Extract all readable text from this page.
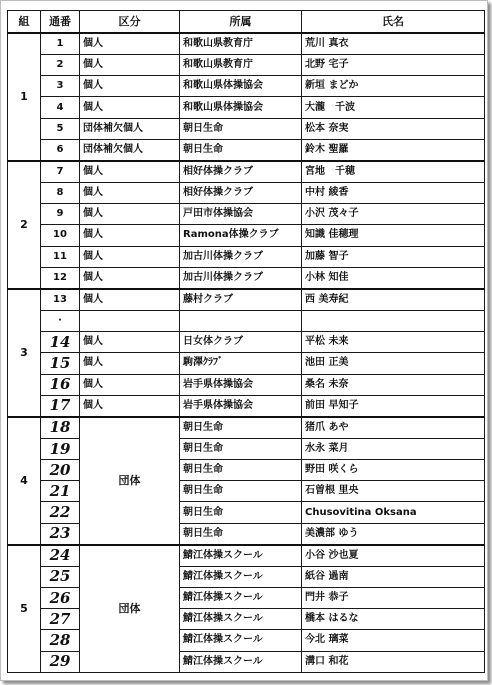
組	通番	区分	所属	氏名
1	1	個人	和歌山県教育庁	荒川 真衣
	2	個人	和歌山県教育庁	北野 宅子
	3	個人	和歌山県体操協会	新垣 まどか
	4	個人	和歌山県体操協会	大瀧　千波
	5	団体補欠個人	朝日生命	松本 奈実
	6	団体補欠個人	朝日生命	鈴木 聖羅
2	7	個人	相好体操クラブ	宮地　千穂
	8	個人	相好体操クラブ	中村 綾香
	9	個人	戸田市体操協会	小沢 茂々子
	10	個人	Ramona体操クラブ	知識 佳穂理
	11	個人	加古川体操クラブ	加藤 智子
	12	個人	加古川体操クラブ	小林 知佳
3	13	個人	藤村クラブ	西 美寿紀
	·			
	14	個人	日女体クラブ	平松 未来
	15	個人	駒澤ｸﾗﾌﾞ	池田 正美
	16	個人	岩手県体操協会	桑名 未奈
	17	個人	岩手県体操協会	前田 早知子
4	18	団体	朝日生命	猪爪 あや
	19		朝日生命	水永 菜月
	20		朝日生命	野田 咲くら
	21		朝日生命	石曽根 里央
	22		朝日生命	Chusovitina Oksana
	23		朝日生命	美濃部 ゆう
5	24	団体	鯖江体操スクール	小谷 沙也夏
	25		鯖江体操スクール	紙谷 過南
	26		鯖江体操スクール	門井 恭子
	27		鯖江体操スクール	橋本 はるな
	28		鯖江体操スクール	今北 璃菜
	29		鯖江体操スクール	溝口 和花
